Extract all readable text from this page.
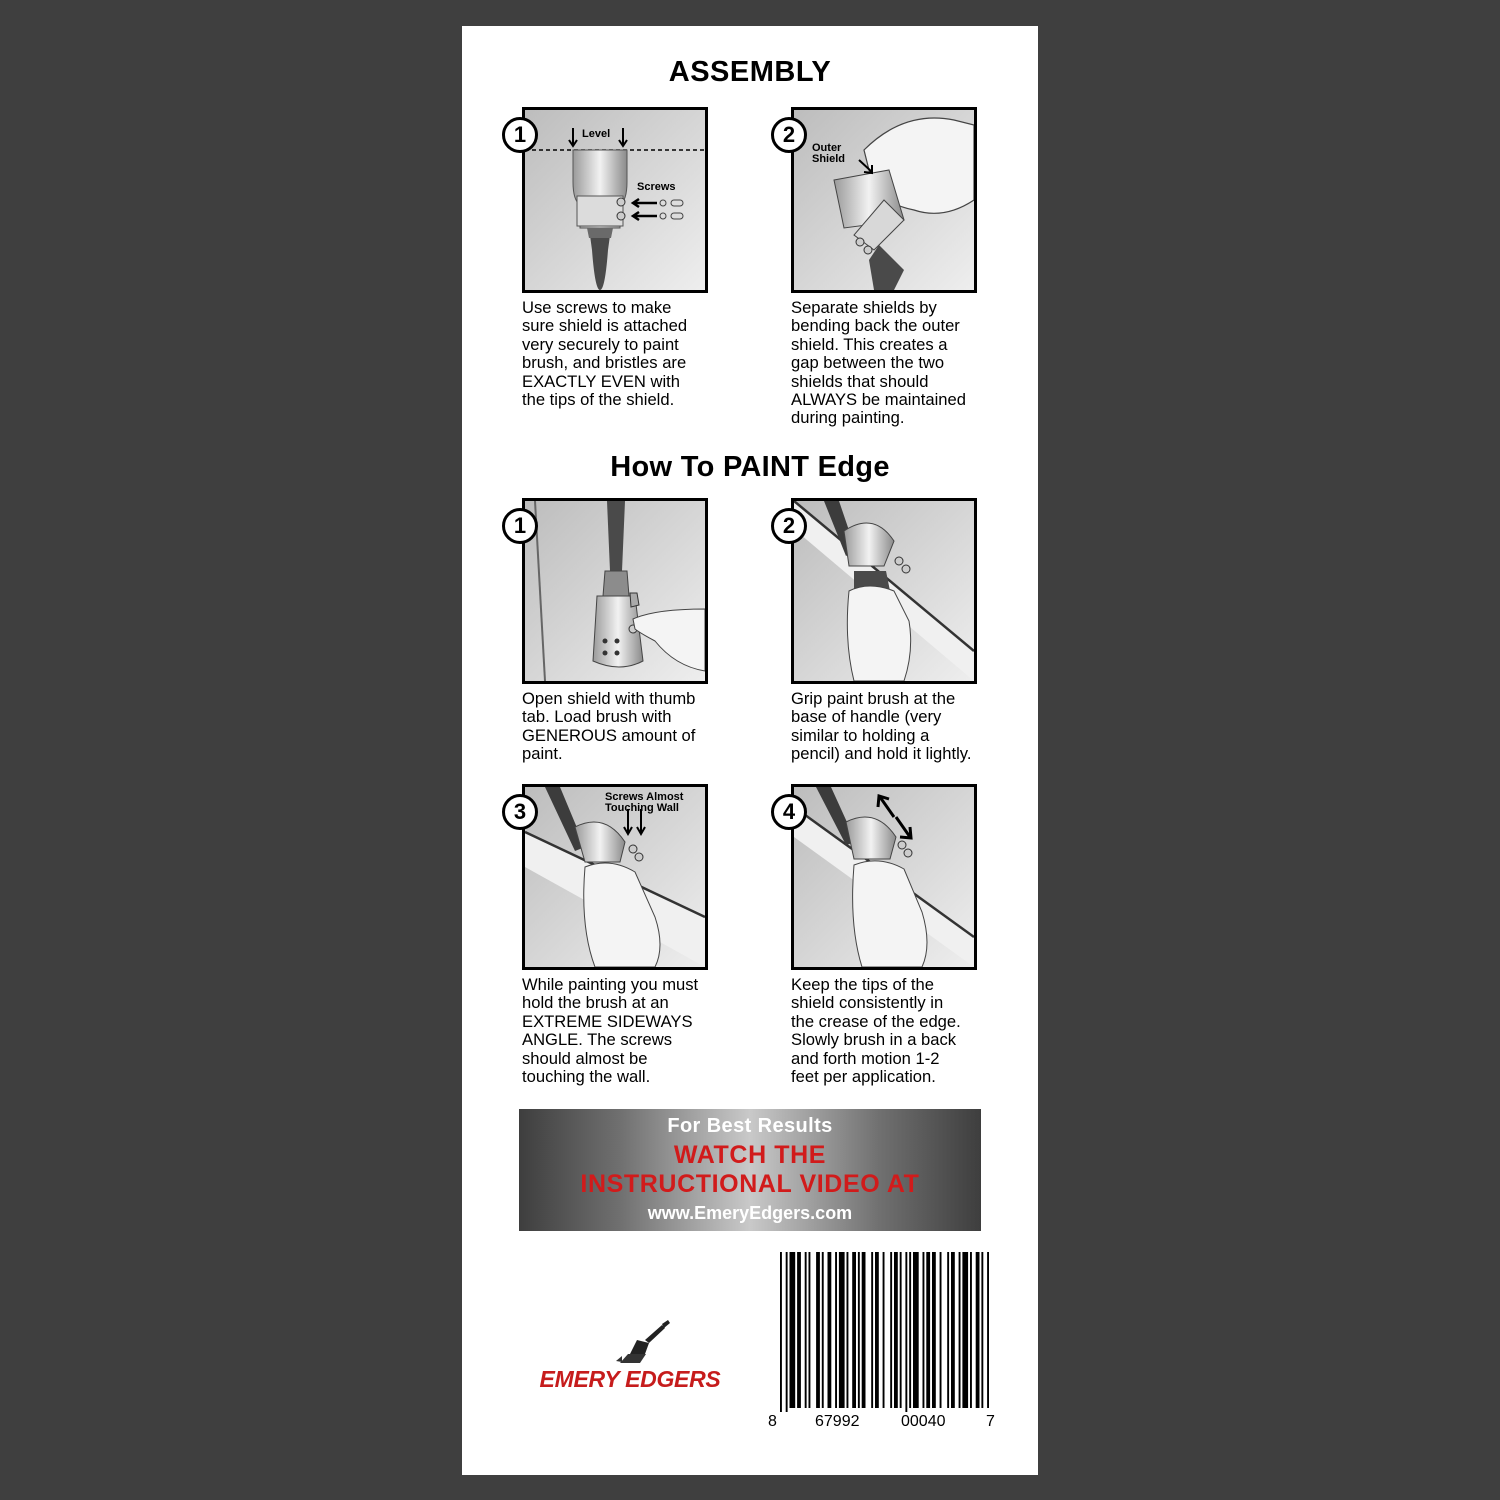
ASSEMBLY
1	Level
Screws
Use screws to make
sure shield is attached
very securely to paint
brush, and bristles are
EXACTLY EVEN with
the tips of the shield.
2
Outer
Shield
Separate shields by
bending back the outer
shield. This creates a
gap between the two
shields that should
ALWAYS be maintained
during painting.
How To PAINT Edge
1
Open shield with thumb
tab. Load brush with
GENEROUS amount of
paint.
2
Grip paint brush at the
base of handle (very
similar to holding a
pencil) and hold it lightly.
3
Screws Almost
Touching Wall
While painting you must
hold the brush at an
EXTREME SIDEWAYS
ANGLE. The screws
should almost be
touching the wall.
4
Keep the tips of the
shield consistently in
the crease of the edge.
Slowly brush in a back
and forth motion 1-2
feet per application.
For Best Results
WATCH THE
INSTRUCTIONAL VIDEO AT
www.EmeryEdgers.com
EMERY EDGERS
8 67992	00040	7
